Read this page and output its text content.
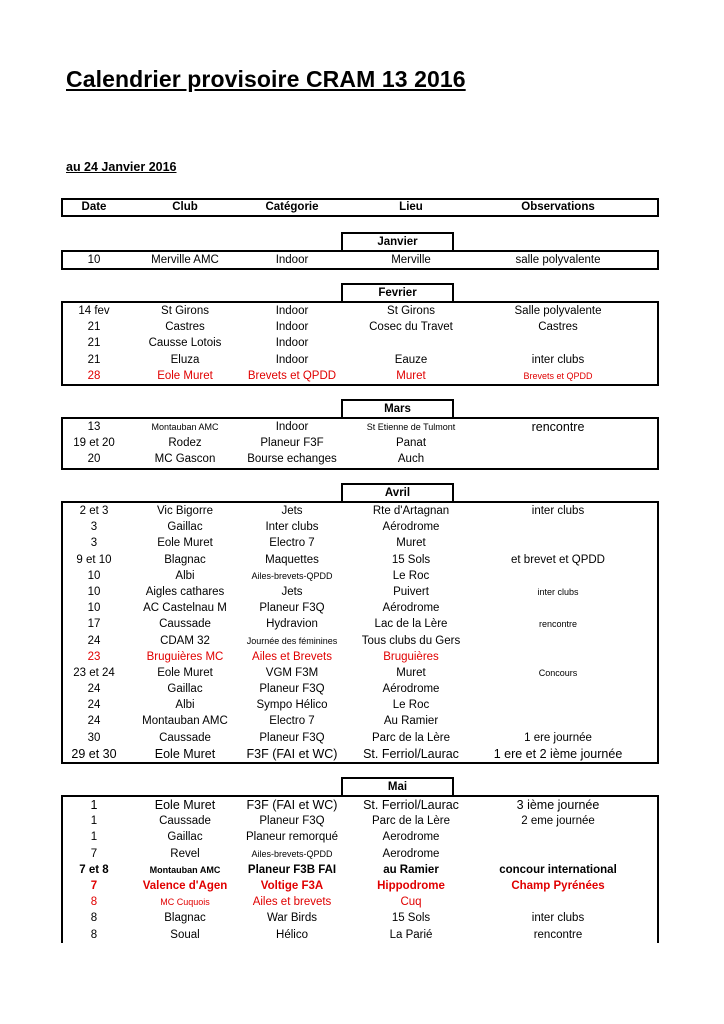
Calendrier provisoire CRAM 13 2016
au 24 Janvier 2016
Date	Club	Catégorie	Lieu	Observations
Janvier
10	Merville AMC	Indoor	Merville	salle polyvalente
Fevrier
14 fev	St Girons	Indoor	St Girons	Salle polyvalente
21	Castres	Indoor	Cosec du Travet	Castres
21	Causse Lotois	Indoor
21	Eluza	Indoor	Eauze	inter clubs
28	Eole Muret	Brevets et QPDD	Muret	Brevets et QPDD
Mars
13	Montauban AMC	Indoor	St Etienne de Tulmont	rencontre
19 et 20	Rodez	Planeur F3F	Panat
20	MC Gascon	Bourse echanges	Auch
Avril
2 et 3	Vic Bigorre	Jets	Rte d'Artagnan	inter clubs
3	Gaillac	Inter clubs	Aérodrome
3	Eole Muret	Electro 7	Muret
9 et 10	Blagnac	Maquettes	15 Sols	et brevet et QPDD
10	Albi	Ailes-brevets-QPDD	Le Roc
10	Aigles cathares	Jets	Puivert	inter clubs
10	AC Castelnau M	Planeur F3Q	Aérodrome
17	Caussade	Hydravion	Lac de la Lère	rencontre
24	CDAM 32	Journée des féminines	Tous clubs du Gers
23	Bruguières MC	Ailes et Brevets	Bruguières
23 et 24	Eole Muret	VGM F3M	Muret	Concours
24	Gaillac	Planeur F3Q	Aérodrome
24	Albi	Sympo Hélico	Le Roc
24	Montauban AMC	Electro 7	Au Ramier
30	Caussade	Planeur F3Q	Parc de la Lère	1 ere journée
29 et 30	Eole Muret	F3F (FAI et WC)	St. Ferriol/Laurac	1 ere et 2 ième journée
Mai
1	Eole Muret	F3F (FAI et WC)	St. Ferriol/Laurac	3 ième journée
1	Caussade	Planeur F3Q	Parc de la Lère	2 eme journée
1	Gaillac	Planeur remorqué	Aerodrome
7	Revel	Ailes-brevets-QPDD	Aerodrome
7 et 8	Montauban AMC	Planeur F3B FAI	au Ramier	concour international
7	Valence d'Agen	Voltige F3A	Hippodrome	Champ Pyrénées
8	MC Cuquois	Ailes et brevets	Cuq
8	Blagnac	War Birds	15 Sols	inter clubs
8	Soual	Hélico	La Parié	rencontre
